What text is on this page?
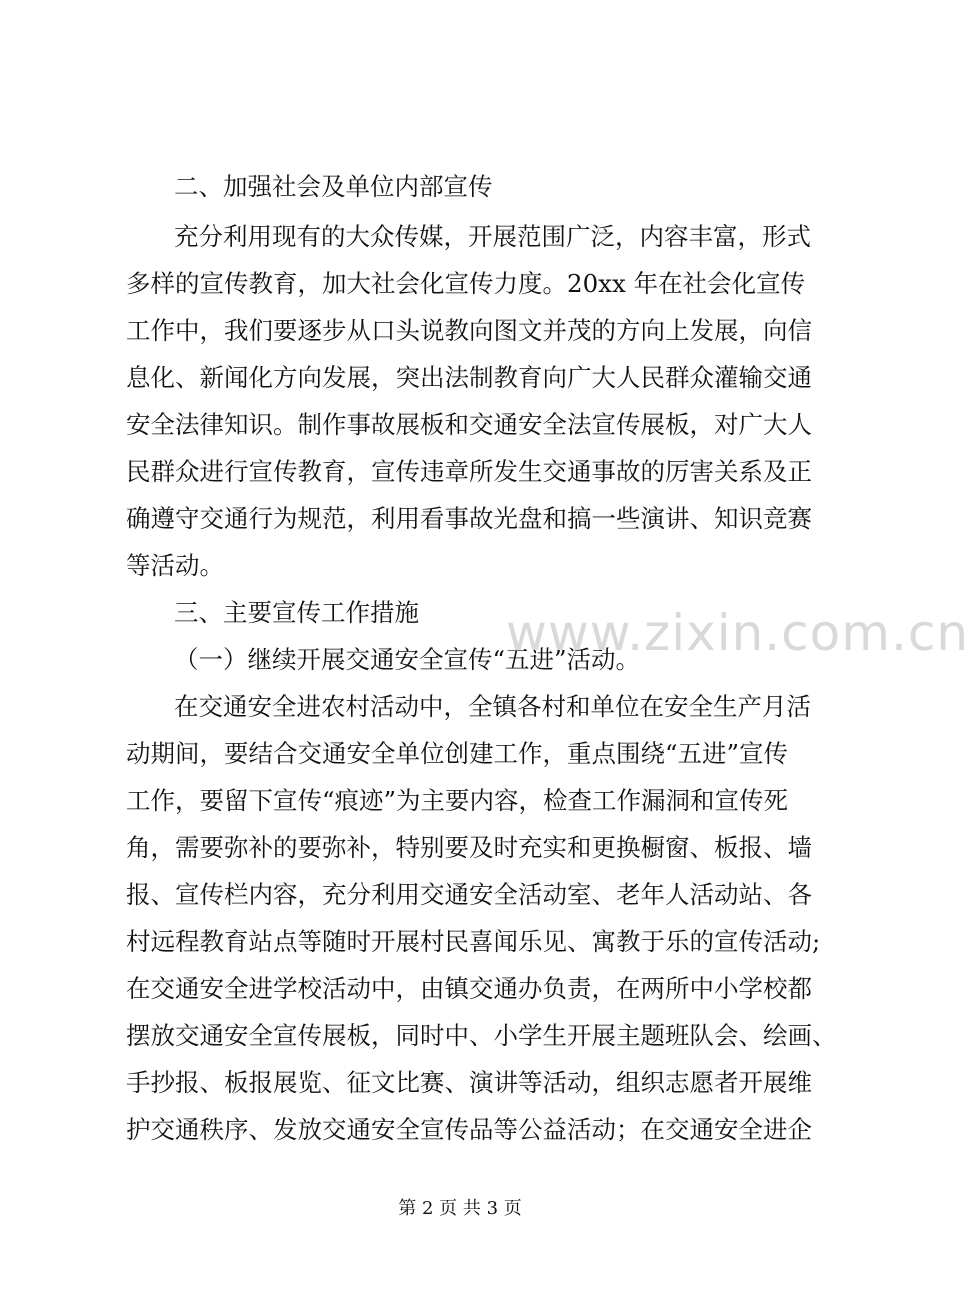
二、加强社会及单位内部宣传
充分利用现有的大众传媒，开展范围广泛，内容丰富，形式
多样的宣传教育，加大社会化宣传力度。20xx 年在社会化宣传
工作中，我们要逐步从口头说教向图文并茂的方向上发展，向信
息化、新闻化方向发展，突出法制教育向广大人民群众灌输交通
安全法律知识。制作事故展板和交通安全法宣传展板，对广大人
民群众进行宣传教育，宣传违章所发生交通事故的厉害关系及正
确遵守交通行为规范，利用看事故光盘和搞一些演讲、知识竞赛
等活动。
三、主要宣传工作措施
（一）继续开展交通安全宣传“五进”活动。
在交通安全进农村活动中，全镇各村和单位在安全生产月活
动期间，要结合交通安全单位创建工作，重点围绕“五进”宣传
工作，要留下宣传“痕迹”为主要内容，检查工作漏洞和宣传死
角，需要弥补的要弥补，特别要及时充实和更换橱窗、板报、墙
报、宣传栏内容，充分利用交通安全活动室、老年人活动站、各
村远程教育站点等随时开展村民喜闻乐见、寓教于乐的宣传活动;
在交通安全进学校活动中，由镇交通办负责，在两所中小学校都
摆放交通安全宣传展板，同时中、小学生开展主题班队会、绘画、
手抄报、板报展览、征文比赛、演讲等活动，组织志愿者开展维
护交通秩序、发放交通安全宣传品等公益活动；在交通安全进企
www.zixin.com.cn
第 2 页 共 3 页
